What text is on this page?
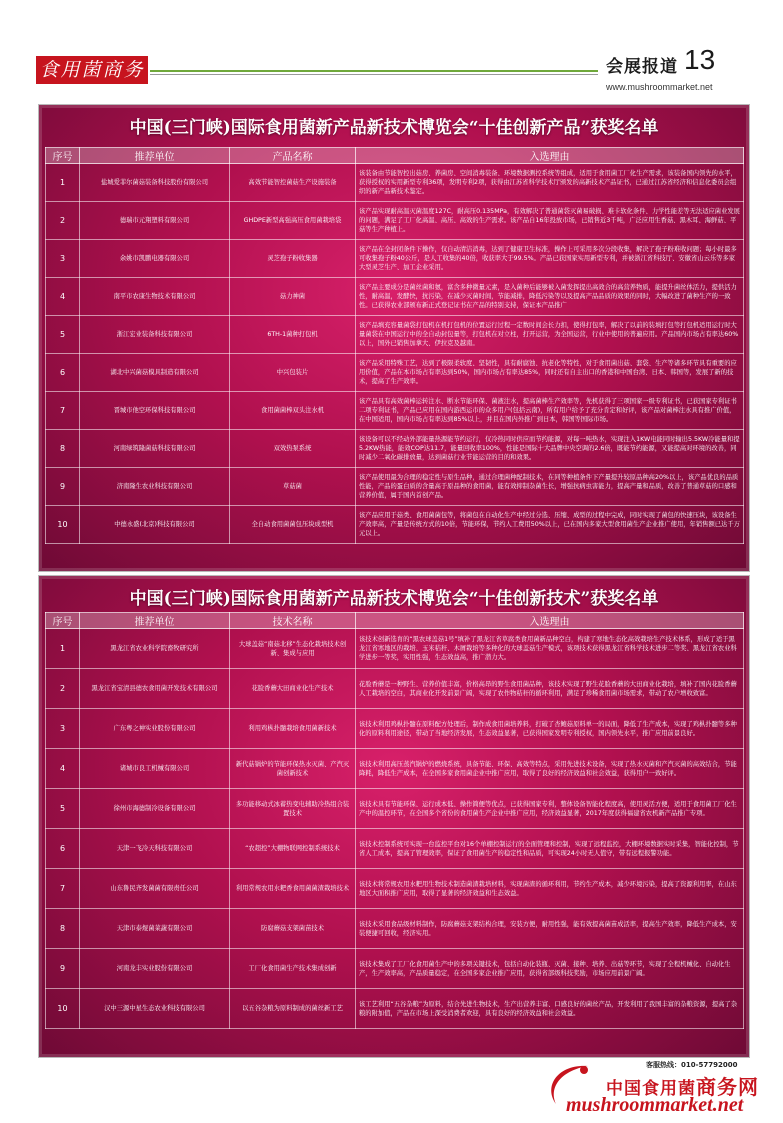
食用菌商务	会展报道 13
www.mushroommarket.net
中国(三门峡)国际食用菌新产品新技术博览会“十佳创新产品”获奖名单
序号	推荐单位	产品名称	入选理由
1	盐城爱菲尔菌菇装备科技股份有限公司	高效节能智控菌菇生产设施装备	该装备由节能智控出菇房、养菌房、空间消毒装备、环境数据测控系统等组成，适用于食用菌工厂化生产需求，该装备国内领先的水平，获得授权的实用新型专利36项，发明专利2项，获得由江苏省科学技术厅颁发的高新技术产品证书，已通过江苏省经济和信息化委员会组织的新产品新技术鉴定。
2	德瑞市元翔塑料有限公司	GHDPE新型高强高压食用菌栽培袋	该产品实现耐高温灭菌温度127C，耐高压0.135MPa，有效解决了普通菌袋灭菌易破损、难卡软化条件、力学性能差等无法适应菌业发展的问题，满足了工厂化高温、高压、高效的生产需求。该产品自16年投放市场，已销售近3千吨，广泛应用生香菇、黑木耳、海鲜菇、平菇等生产种植上。
3	余姚市凯鹏电器有限公司	灵芝孢子粉收集器	该产品在全封闭条件下操作，仅自动清洁消毒，达到了健康卫生标准，操作上可采用多次分段收集，解决了孢子粉难收问题；每小时最多可收集孢子粉40公斤，是人工收集的40倍，收获率大于99.5%。产品已获国家实用新型专利，并被浙江省科技厅、安徽省山云乐等多家大型灵芝生产、加工企业采用。
4	南平市农康生物技术有限公司	菇力神菌	该产品主要成分是菌丝菌和氨，富含多种微量元素，是入菌种后能够被入菌发挥提出高效合的高营养物质，能提升菌丝体活力，提供活力性，耐高温，发酵快，抗污染，在减少灭菌时间，节能减排，降低污染等以及提高产品品质的效果的同时，大幅改进了菌种生产的一致性。已获得农业部颁布新正式登记证书在产品的特别支持，保证本产品推广
5	浙江宏业装备科技有限公司	6TH-1菌种打包机	该产品填充容量菌袋打包机在机打包机的位置运行过程一定数时间会长力扣，使得打包率，解决了以前的装填打包等打包机适用运行时大量菌袋在中国运行中的全自动封包量等，打包机在对立柱，打开运营，为全国运营，行业中使用的普遍应用。产品国内市场占有率达60%以上，国外已销售加拿大、伊拉克及越南。
6	湖北中兴菌菇模具制造有限公司	中兴包装片	该产品采用特殊工艺，达到了极限柔软度、坚韧性，具有耐腐蚀、抗老化等特性，对于食用菌出菇、套袋、生产等诸多环节具有重要的应用价值，产品在本市场占有率达到50%，国内市场占有率达85%，同时还有自主出口的香港和中国台湾、日本、韩国等，发展了新的技术，提高了生产效率。
7	晋城市他空环保科技有限公司	食用菌菌棒双头注水机	该产品具有高效菌棒运转注水、断水节能环保、菌液注水，提高菌棒生产效率等，先机获得了三项国家一级专利证书，已获国家专利证书二项专利证书，产品已应用在国内游西运市的众多用户(包括云南)，所有用户给予了充分肯定和好评，该产品对菌棒注水具有推广价值，在中国适用，国内市场占有率达到85%以上，并且在国内外推广到日本，韩国等国际市场。
8	河南绿筑隆菌菇科技有限公司	双效热泵系统	该设备可以不经动外部能量热源能节约运行，仅冷热同时供应而节约能源，对每一吨热水，实现注入1KW电能同时输出5.5KW冷能量和提5.2KW热能，能效COP达11.7，能量回收率100%，性能是国际十大品牌中央空调的2.6倍，既能节约能源，又能提高对环境的改善，同时减少二氧化碳排放量，达到菌菇行业节能运营的目的和效果。
9	济南隆生农业科技有限公司	草菇菌	该产品使用最为合理的稳定性与原生品种，通过合理菌种配制技术，在同等种植条件下产量提升较原品种高20%以上，该产品优良的品质性能，产品的蛋白质的含量高于原品种的食用菌，能有效抑制杂菌生长，增强抗病虫害能力，提高产量和品质，改善了普通草菇的口感和营养价值，属于国内首创产品。
10	中德永盛(北京)科技有限公司	全自动食用菌菌包压块成型机	该产品应用于菇类、食用菌菌包等，将菌包在自动化生产中经过分选、压缩、成型的过程中完成，同时实现了菌包的快速压块，该设备生产效率高，产量是传统方式的10倍，节能环保，节约人工费用50%以上，已在国内多家大型食用菌生产企业推广使用，年销售额已达千万元以上。
中国(三门峡)国际食用菌新产品新技术博览会“十佳创新技术”获奖名单
序号	推荐单位	技术名称	入选理由
1	黑龙江省农业科学院畜牧研究所	大球盖菇“南菇北移”生态化栽培技术创新、集成与应用	该技术创新选育的“黑农球盖菇1号”填补了黑龙江省草腐类食用菌新品种空白，构建了寒地生态化高效栽培生产技术体系，形成了适于黑龙江省寒地区的栽培、玉米秸秆、木屑栽培等多种化的大球盖菇生产模式，该项技术获得黑龙江省科学技术进步二等奖、黑龙江省农业科学进步一等奖，实用性强，生态效益高，推广潜力大。
2	黑龙江省宝清县德农食用菌开发技术有限公司	花脸香蘑大田商业化生产技术	花脸香蘑是一种野生、营养价值丰富，价格高昂的野生食用菌品种，该技术实现了野生花脸香蘑的大田商业化栽培，填补了国内花脸香蘑人工栽培的空白，其商业化开发前景广阔，实现了农作物秸秆的循环利用，满足了珍稀食用菌市场需求，带动了农户增收致富。
3	广东粤之神实业股份有限公司	利用鸡枞扑髓栽培食用菌新技术	该技术利用鸡枞扑髓在原料配方处理后，制作成食用菌培养料，打破了杏鲍菇原料单一的局面，降低了生产成本，实现了鸡枞扑髓等多种化的原料利用途径，带动了当地经济发展，生态效益显著，已获得国家发明专利授权，国内领先水平，推广应用前景良好。
4	诸城市良工机械有限公司	新代菇锅炉的节能环保热水灭菌、产汽灭菌创新技术	该技术利用高压蒸汽锅炉的燃烧系统，具备节能、环保、高效等特点，采用先进技术设备，实现了热水灭菌和产汽灭菌的高效结合，节能降耗，降低生产成本，在全国多家食用菌企业中推广应用，取得了良好的经济效益和社会效益，获得用户一致好评。
5	徐州市海德制冷设备有限公司	多功能移动式冰蓄热变电辅助冷热组合装置技术	该技术具有节能环保、运行成本低、操作简便等优点，已获得国家专利，整体设备智能化程度高，使用灵活方便，适用于食用菌工厂化生产中的温控环节，在全国多个省份的食用菌生产企业中推广应用，经济效益显著，2017年度获得福建省农机新产品推广专项。
6	天津一飞冷天科技有限公司	“农超控”大棚物联网控制系统技术	该技术控制系统可实现一台监控平台对16个单棚控制运行的全面管理和控制，实现了远程监控，大棚环境数据实时采集，智能化控制，节省人工成本，提高了管理效率，保证了食用菌生产的稳定性和品质，可实现24小时无人值守，带有远程报警功能。
7	山东鲁民齐发菌菌有限责任公司	利用常规农用水耙香食用菌菌渣栽培技术	该技术将常规农用水耙用生物技术制造菌渣栽培材料，实现菌渣的循环利用，节约生产成本，减少环境污染，提高了资源利用率，在山东地区大面积推广应用，取得了显著的经济效益和生态效益。
8	天津市泰煜菌菜蔬有限公司	防腐蘑菇支架菌苗技术	该技术采用食品级材料制作，防腐蘑菇支架结构合理，安装方便，耐用性强，能有效提高菌苗成活率，提高生产效率，降低生产成本，安装便捷可回收，经济实用。
9	河南龙丰实业股份有限公司	工厂化食用菌生产技术集成创新	该技术集成了工厂化食用菌生产中的多项关键技术，包括自动化装瓶、灭菌、接种、培养、出菇等环节，实现了全程机械化、自动化生产，生产效率高，产品质量稳定，在全国多家企业推广应用，获得省部级科技奖励，市场应用前景广阔。
10	汉中三源中星生态农业科技有限公司	以五谷杂粮为原料制成的菌丝新工艺	该工艺利用“五谷杂粮”为原料，结合先进生物技术，生产出营养丰富、口感良好的菌丝产品，开发利用了我国丰富的杂粮资源，提高了杂粮的附加值，产品在市场上深受消费者欢迎，具有良好的经济效益和社会效益。
客服热线：010-57792000
中国食用菌商务网
mushroommarket.net
